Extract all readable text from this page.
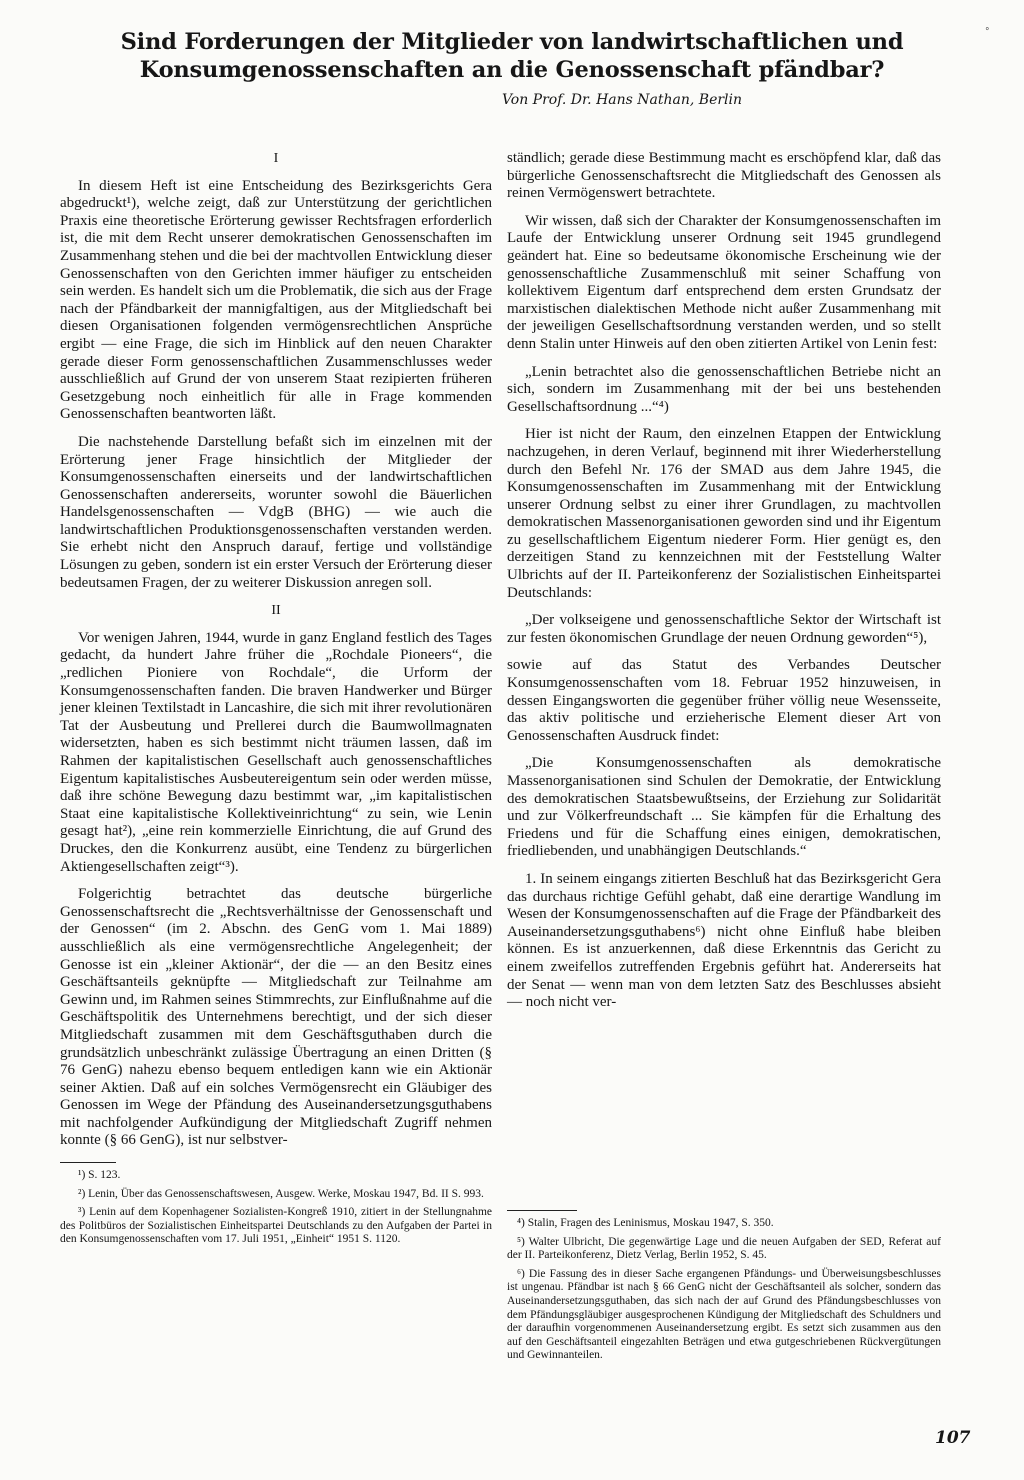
°
Sind Forderungen der Mitglieder von landwirtschaftlichen und Konsumgenossenschaften an die Genossenschaft pfändbar?
Von Prof. Dr. Hans Nathan, Berlin
I

In diesem Heft ist eine Entscheidung des Bezirksgerichts Gera abgedruckt¹), welche zeigt, daß zur Unterstützung der gerichtlichen Praxis eine theoretische Erörterung gewisser Rechtsfragen erforderlich ist, die mit dem Recht unserer demokratischen Genossenschaften im Zusammenhang stehen und die bei der machtvollen Entwicklung dieser Genossenschaften von den Gerichten immer häufiger zu entscheiden sein werden. Es handelt sich um die Problematik, die sich aus der Frage nach der Pfändbarkeit der mannigfaltigen, aus der Mitgliedschaft bei diesen Organisationen folgenden vermögensrechtlichen Ansprüche ergibt — eine Frage, die sich im Hinblick auf den neuen Charakter gerade dieser Form genossenschaftlichen Zusammenschlusses weder ausschließlich auf Grund der von unserem Staat rezipierten früheren Gesetzgebung noch einheitlich für alle in Frage kommenden Genossenschaften beantworten läßt.

Die nachstehende Darstellung befaßt sich im einzelnen mit der Erörterung jener Frage hinsichtlich der Mitglieder der Konsumgenossenschaften einerseits und der landwirtschaftlichen Genossenschaften andererseits, worunter sowohl die Bäuerlichen Handelsgenossenschaften — VdgB (BHG) — wie auch die landwirtschaftlichen Produktionsgenossenschaften verstanden werden. Sie erhebt nicht den Anspruch darauf, fertige und vollständige Lösungen zu geben, sondern ist ein erster Versuch der Erörterung dieser bedeutsamen Fragen, der zu weiterer Diskussion anregen soll.

II

Vor wenigen Jahren, 1944, wurde in ganz England festlich des Tages gedacht, da hundert Jahre früher die „Rochdale Pioneers“, die „redlichen Pioniere von Rochdale“, die Urform der Konsumgenossenschaften fanden. Die braven Handwerker und Bürger jener kleinen Textilstadt in Lancashire, die sich mit ihrer revolutionären Tat der Ausbeutung und Prellerei durch die Baumwollmagnaten widersetzten, haben es sich bestimmt nicht träumen lassen, daß im Rahmen der kapitalistischen Gesellschaft auch genossenschaftliches Eigentum kapitalistisches Ausbeutereigentum sein oder werden müsse, daß ihre schöne Bewegung dazu bestimmt war, „im kapitalistischen Staat eine kapitalistische Kollektiveinrichtung“ zu sein, wie Lenin gesagt hat²), „eine rein kommerzielle Einrichtung, die auf Grund des Druckes, den die Konkurrenz ausübt, eine Tendenz zu bürgerlichen Aktiengesellschaften zeigt“³).

Folgerichtig betrachtet das deutsche bürgerliche Genossenschaftsrecht die „Rechtsverhältnisse der Genossenschaft und der Genossen“ (im 2. Abschn. des GenG vom 1. Mai 1889) ausschließlich als eine vermögensrechtliche Angelegenheit; der Genosse ist ein „kleiner Aktionär“, der die — an den Besitz eines Geschäftsanteils geknüpfte — Mitgliedschaft zur Teilnahme am Gewinn und, im Rahmen seines Stimmrechts, zur Einflußnahme auf die Geschäftspolitik des Unternehmens berechtigt, und der sich dieser Mitgliedschaft zusammen mit dem Geschäftsguthaben durch die grundsätzlich unbeschränkt zulässige Übertragung an einen Dritten (§ 76 GenG) nahezu ebenso bequem entledigen kann wie ein Aktionär seiner Aktien. Daß auf ein solches Vermögensrecht ein Gläubiger des Genossen im Wege der Pfändung des Auseinandersetzungsguthabens mit nachfolgender Aufkündigung der Mitgliedschaft Zugriff nehmen konnte (§ 66 GenG), ist nur selbstver-

¹) S. 123.

²) Lenin, Über das Genossenschaftswesen, Ausgew. Werke, Moskau 1947, Bd. II S. 993.

³) Lenin auf dem Kopenhagener Sozialisten-Kongreß 1910, zitiert in der Stellungnahme des Politbüros der Sozialistischen Einheitspartei Deutschlands zu den Aufgaben der Partei in den Konsumgenossenschaften vom 17. Juli 1951, „Einheit“ 1951 S. 1120.

ständlich; gerade diese Bestimmung macht es erschöpfend klar, daß das bürgerliche Genossenschaftsrecht die Mitgliedschaft des Genossen als reinen Vermögenswert betrachtete.

Wir wissen, daß sich der Charakter der Konsumgenossenschaften im Laufe der Entwicklung unserer Ordnung seit 1945 grundlegend geändert hat. Eine so bedeutsame ökonomische Erscheinung wie der genossenschaftliche Zusammenschluß mit seiner Schaffung von kollektivem Eigentum darf entsprechend dem ersten Grundsatz der marxistischen dialektischen Methode nicht außer Zusammenhang mit der jeweiligen Gesellschaftsordnung verstanden werden, und so stellt denn Stalin unter Hinweis auf den oben zitierten Artikel von Lenin fest:

„Lenin betrachtet also die genossenschaftlichen Betriebe nicht an sich, sondern im Zusammenhang mit der bei uns bestehenden Gesellschaftsordnung ...“⁴)

Hier ist nicht der Raum, den einzelnen Etappen der Entwicklung nachzugehen, in deren Verlauf, beginnend mit ihrer Wiederherstellung durch den Befehl Nr. 176 der SMAD aus dem Jahre 1945, die Konsumgenossenschaften im Zusammenhang mit der Entwicklung unserer Ordnung selbst zu einer ihrer Grundlagen, zu machtvollen demokratischen Massenorganisationen geworden sind und ihr Eigentum zu gesellschaftlichem Eigentum niederer Form. Hier genügt es, den derzeitigen Stand zu kennzeichnen mit der Feststellung Walter Ulbrichts auf der II. Parteikonferenz der Sozialistischen Einheitspartei Deutschlands:

„Der volkseigene und genossenschaftliche Sektor der Wirtschaft ist zur festen ökonomischen Grundlage der neuen Ordnung geworden“⁵),

sowie auf das Statut des Verbandes Deutscher Konsumgenossenschaften vom 18. Februar 1952 hinzuweisen, in dessen Eingangsworten die gegenüber früher völlig neue Wesensseite, das aktiv politische und erzieherische Element dieser Art von Genossenschaften Ausdruck findet:

„Die Konsumgenossenschaften als demokratische Massenorganisationen sind Schulen der Demokratie, der Entwicklung des demokratischen Staatsbewußtseins, der Erziehung zur Solidarität und zur Völkerfreundschaft ... Sie kämpfen für die Erhaltung des Friedens und für die Schaffung eines einigen, demokratischen, friedliebenden, und unabhängigen Deutschlands.“

1. In seinem eingangs zitierten Beschluß hat das Bezirksgericht Gera das durchaus richtige Gefühl gehabt, daß eine derartige Wandlung im Wesen der Konsumgenossenschaften auf die Frage der Pfändbarkeit des Auseinandersetzungsguthabens⁶) nicht ohne Einfluß habe bleiben können. Es ist anzuerkennen, daß diese Erkenntnis das Gericht zu einem zweifellos zutreffenden Ergebnis geführt hat. Andererseits hat der Senat — wenn man von dem letzten Satz des Beschlusses absieht — noch nicht ver-

⁴) Stalin, Fragen des Leninismus, Moskau 1947, S. 350.

⁵) Walter Ulbricht, Die gegenwärtige Lage und die neuen Aufgaben der SED, Referat auf der II. Parteikonferenz, Dietz Verlag, Berlin 1952, S. 45.

⁶) Die Fassung des in dieser Sache ergangenen Pfändungs- und Überweisungsbeschlusses ist ungenau. Pfändbar ist nach § 66 GenG nicht der Geschäftsanteil als solcher, sondern das Auseinandersetzungsguthaben, das sich nach der auf Grund des Pfändungsbeschlusses von dem Pfändungsgläubiger ausgesprochenen Kündigung der Mitgliedschaft des Schuldners und der daraufhin vorgenommenen Auseinandersetzung ergibt. Es setzt sich zusammen aus den auf den Geschäftsanteil eingezahlten Beträgen und etwa gutgeschriebenen Rückvergütungen und Gewinnanteilen.

107
